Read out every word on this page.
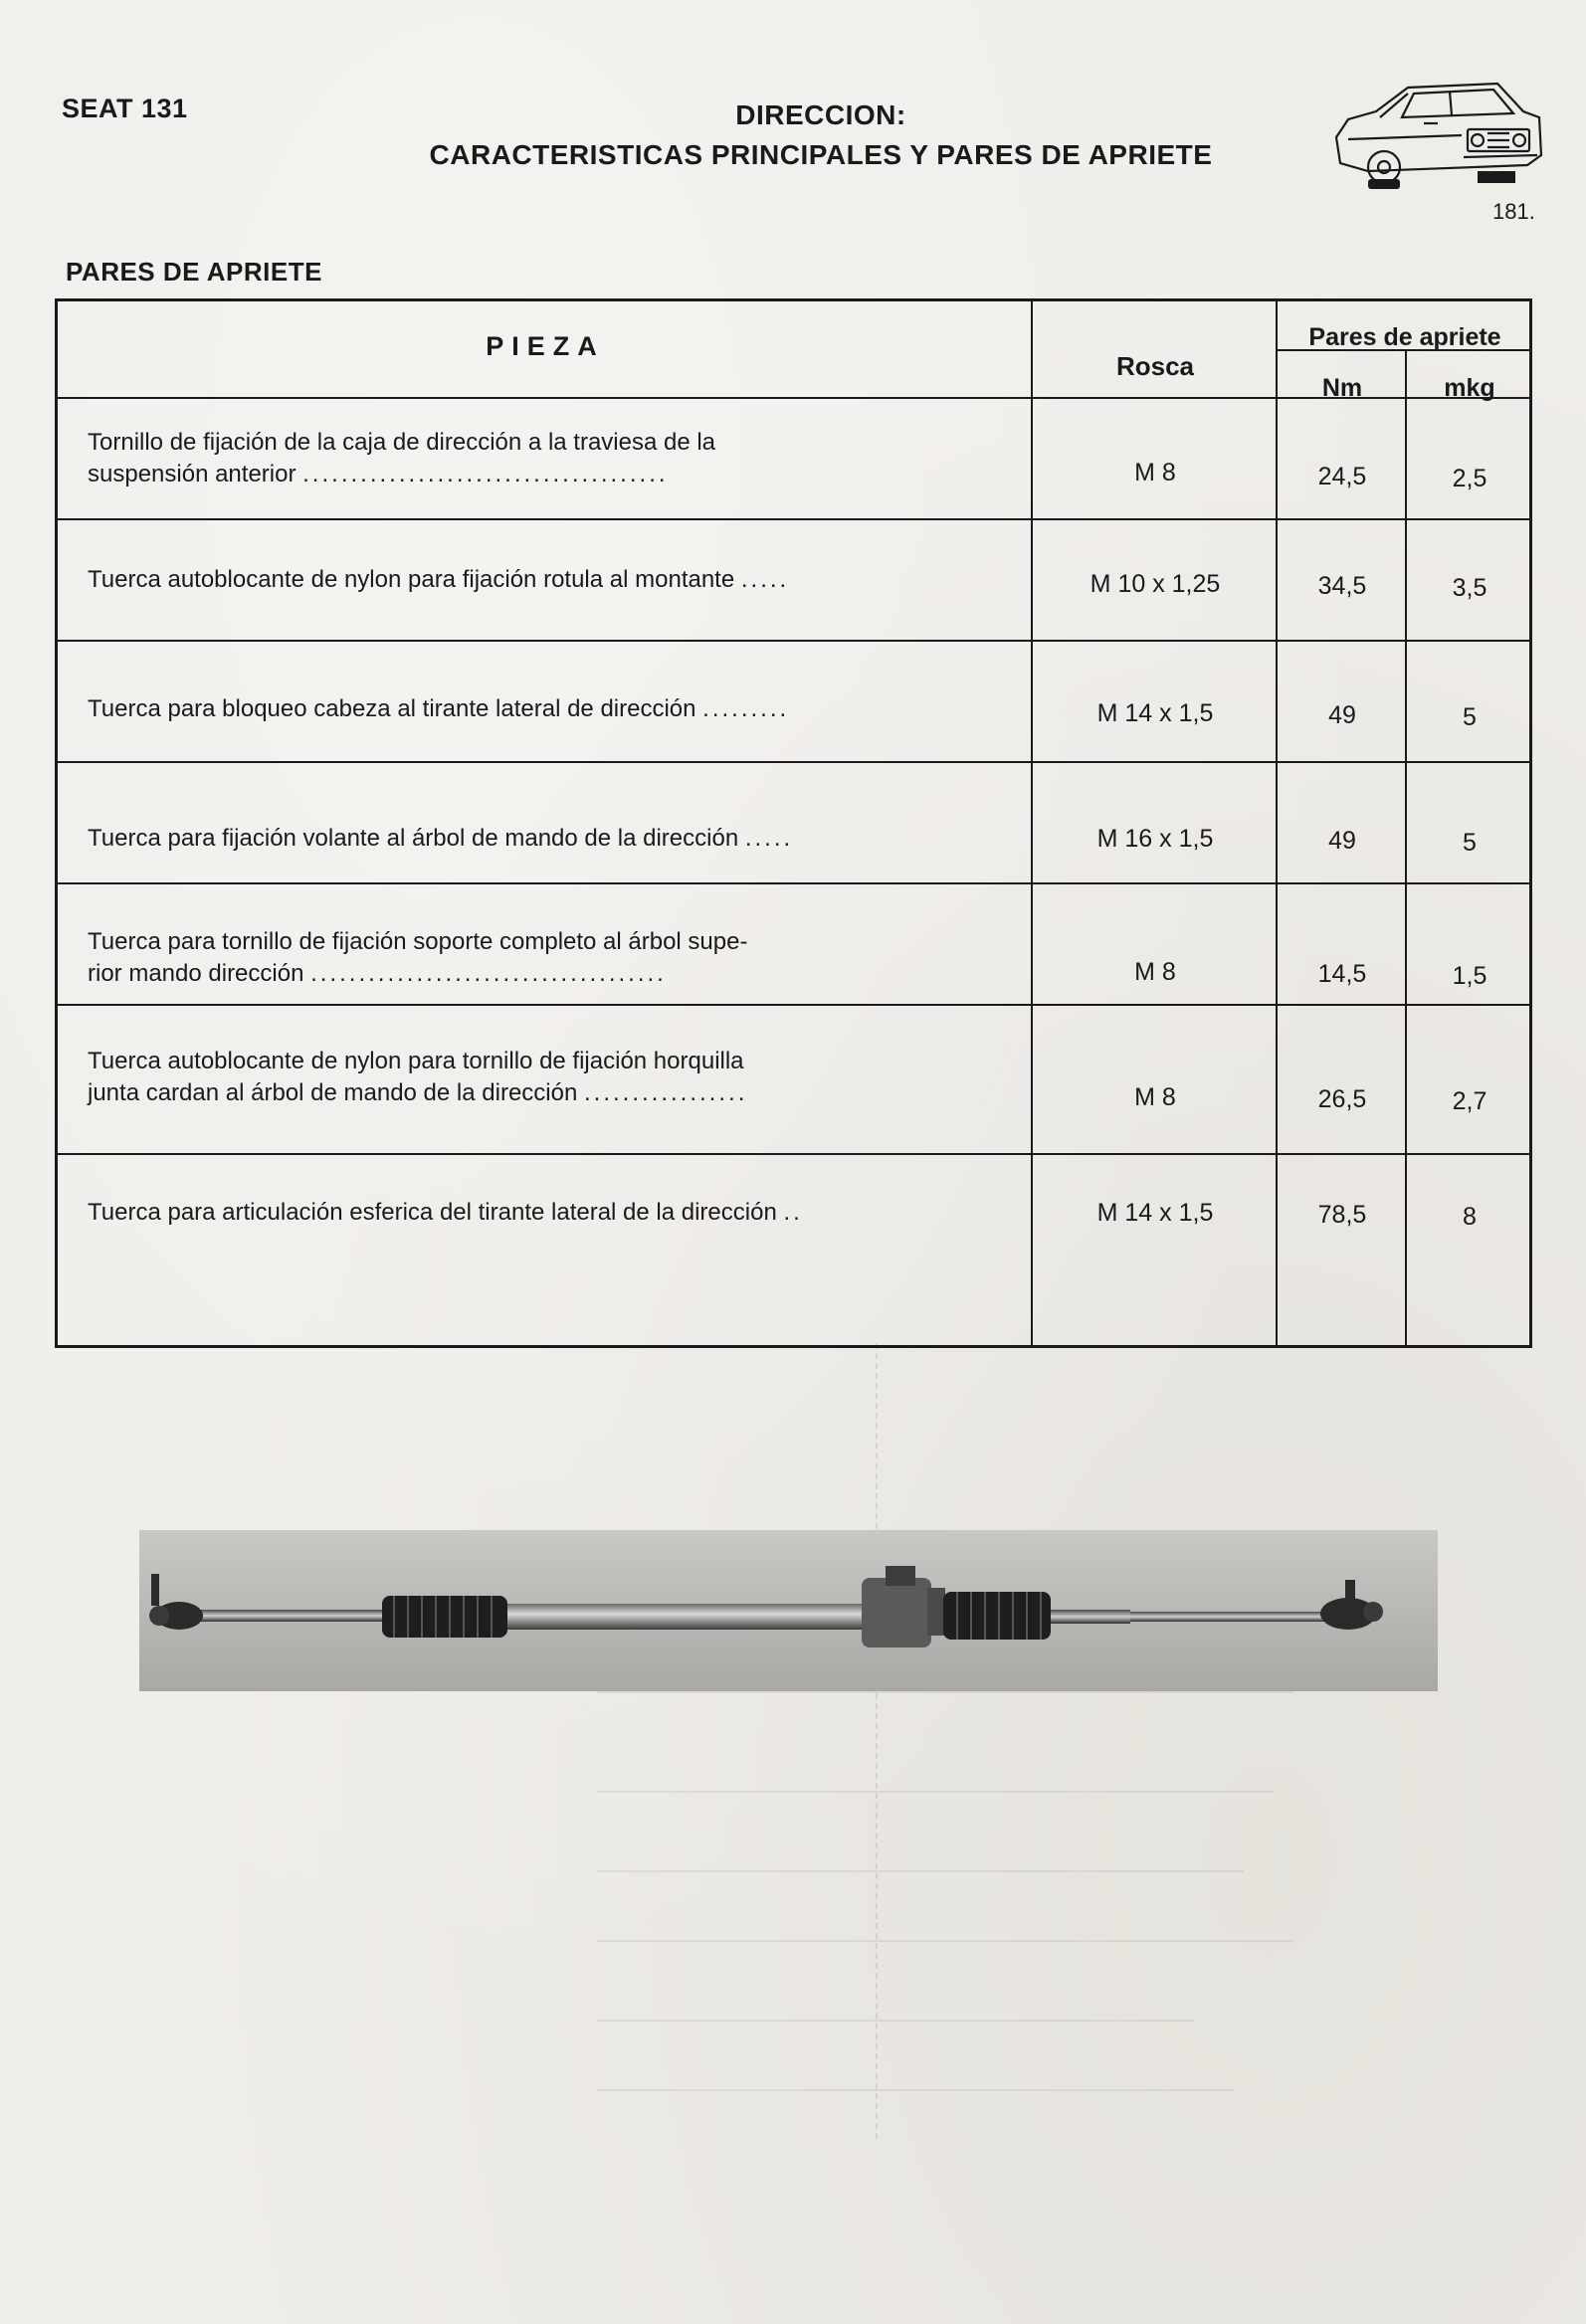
SEAT 131	DIRECCION:
CARACTERISTICAS PRINCIPALES Y PARES DE APRIETE
181.
PARES DE APRIETE
PIEZA
Rosca
Pares de apriete
Nm	mkg
Tornillo de fijación de la caja de dirección a la traviesa de la
suspensión anterior ......................................	M 8	24,5	2,5
Tuerca autoblocante de nylon para fijación rotula al montante .....	M 10 x 1,25	34,5	3,5
Tuerca para bloqueo cabeza al tirante lateral de dirección .........	M 14 x 1,5	49	5
Tuerca para fijación volante al árbol de mando de la dirección .....	M 16 x 1,5	49	5
Tuerca para tornillo de fijación soporte completo al árbol supe-
rior mando dirección .....................................	M 8	14,5	1,5
Tuerca autoblocante de nylon para tornillo de fijación horquilla
junta cardan al árbol de mando de la dirección .................	M 8	26,5	2,7
Tuerca para articulación esferica del tirante lateral de la dirección ..	M 14 x 1,5	78,5	8
